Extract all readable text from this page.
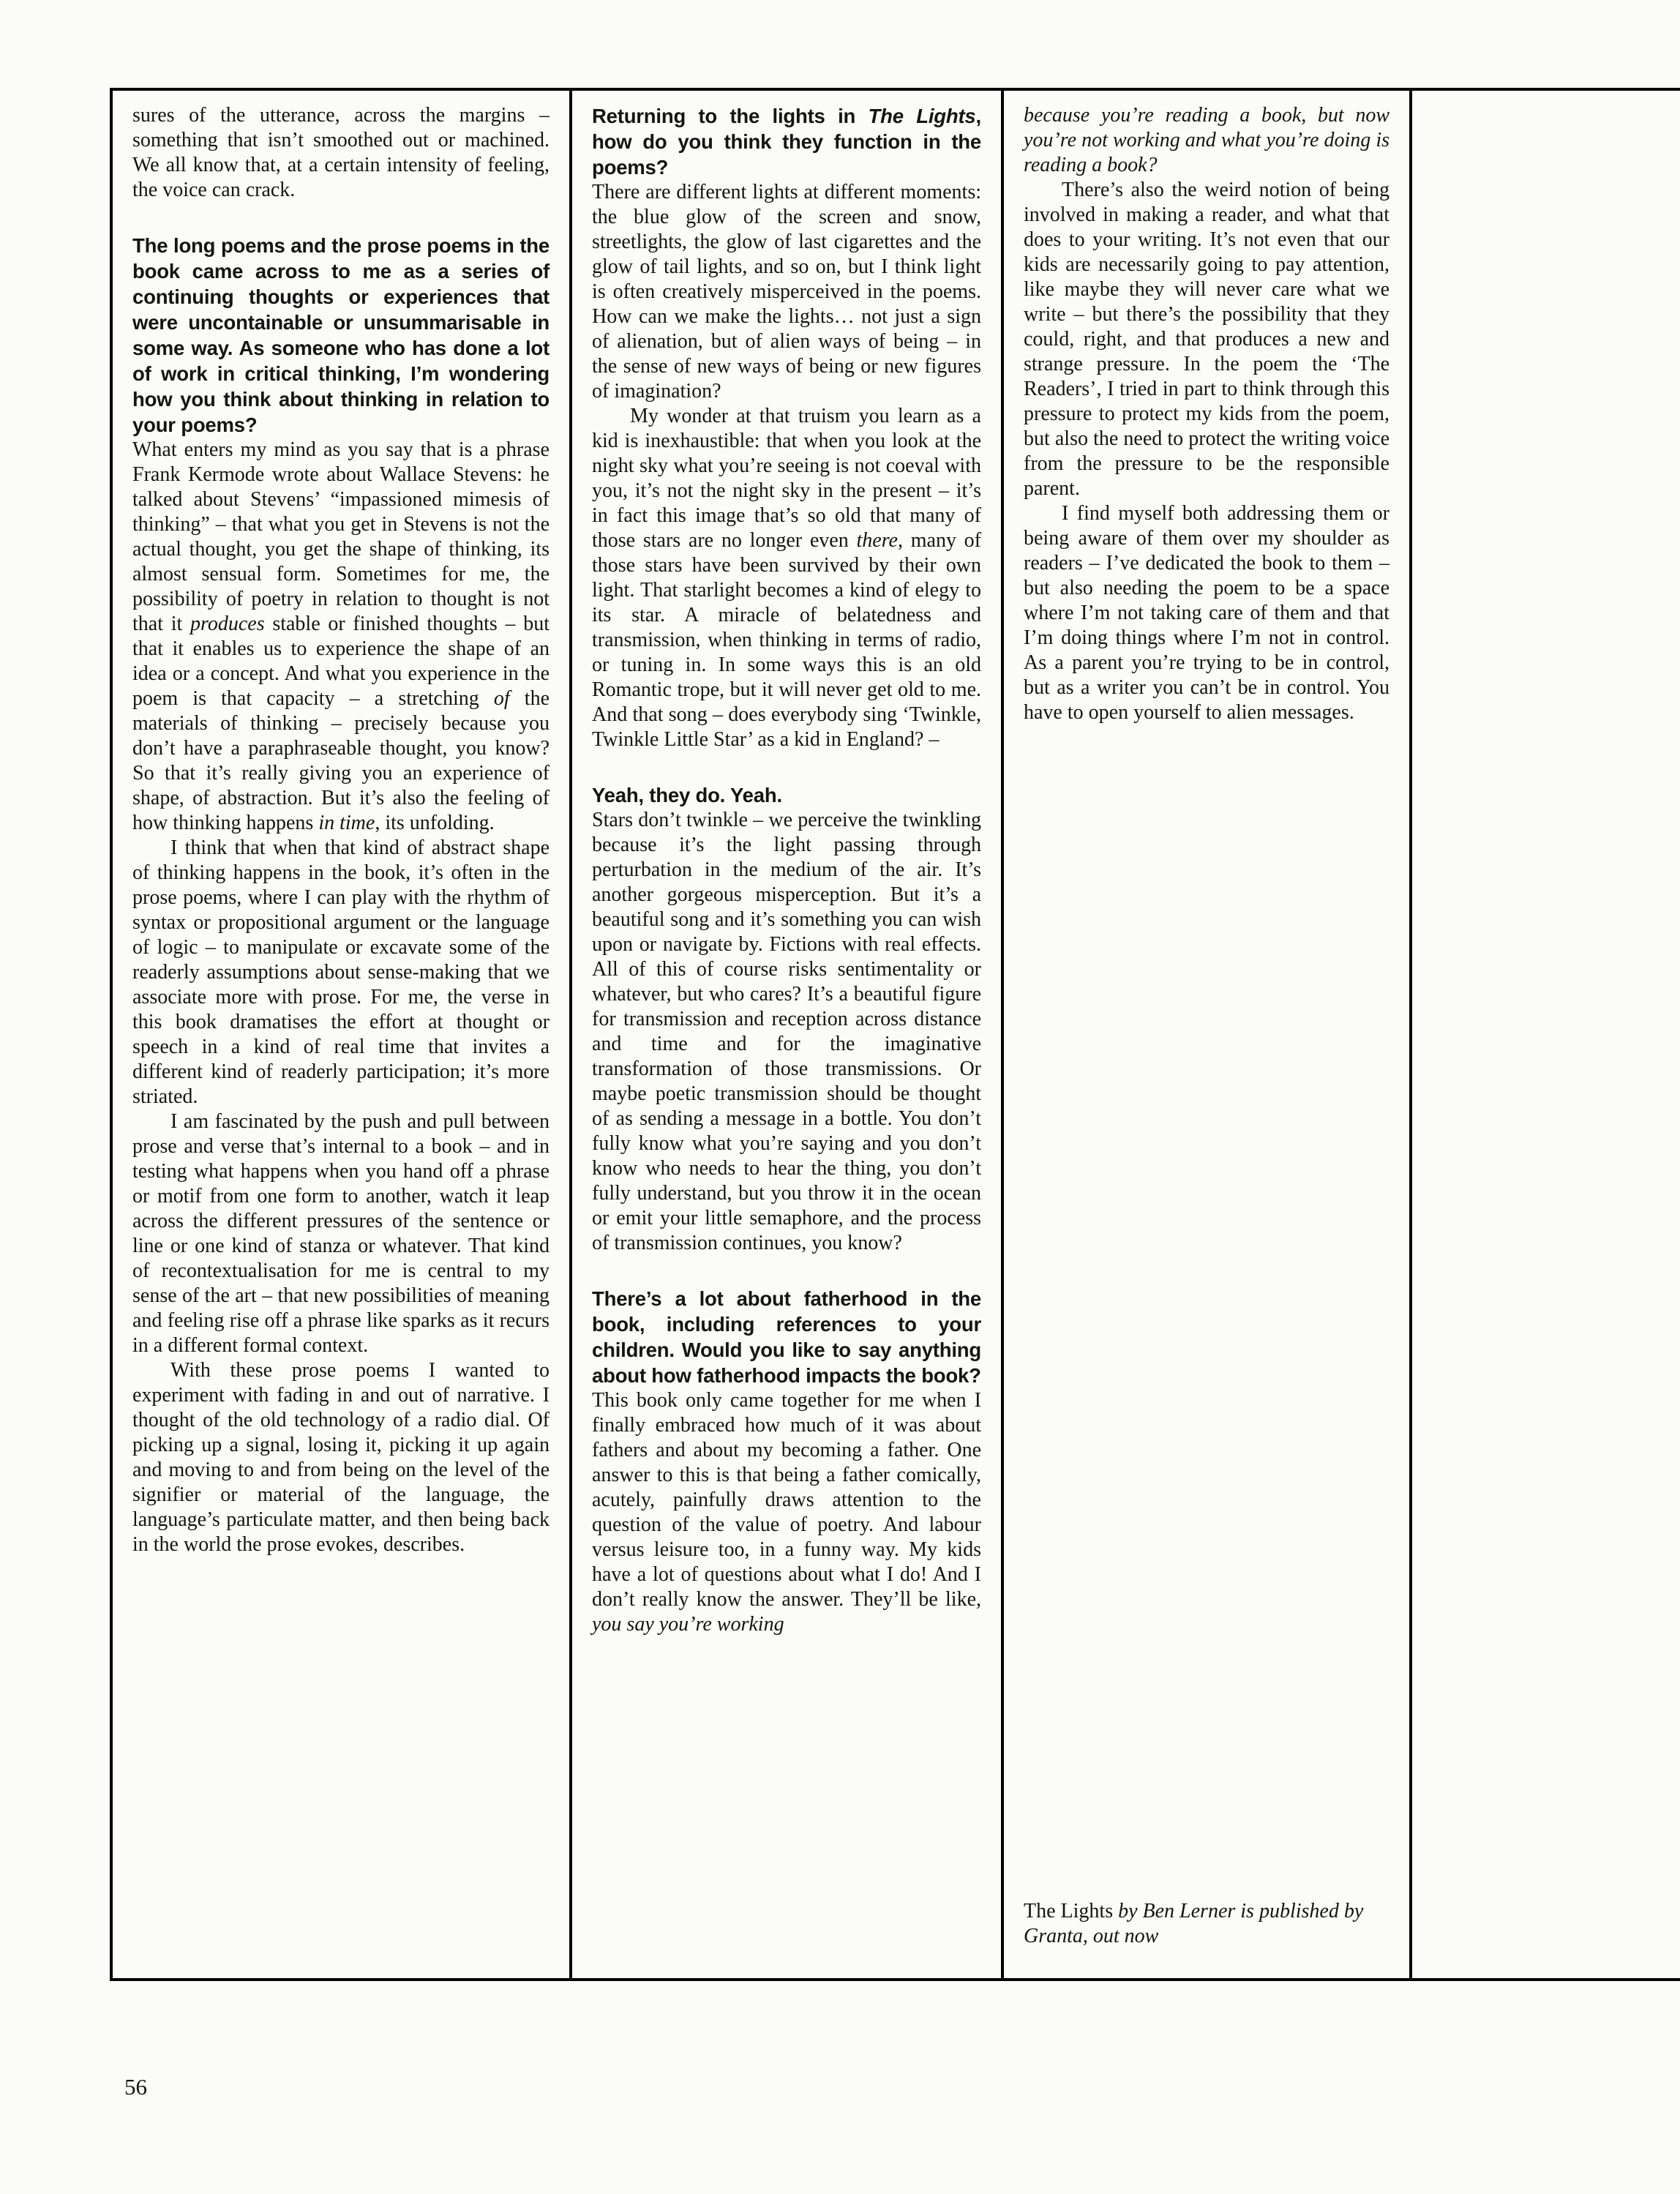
sures of the utterance, across the margins – something that isn’t smoothed out or machined. We all know that, at a certain intensity of feeling, the voice can crack.

The long poems and the prose poems in the book came across to me as a series of continuing thoughts or experiences that were uncontainable or unsummarisable in some way. As someone who has done a lot of work in critical thinking, I’m wondering how you think about thinking in relation to your poems?

What enters my mind as you say that is a phrase Frank Kermode wrote about Wallace Stevens: he talked about Stevens’ “impassioned mimesis of thinking” – that what you get in Stevens is not the actual thought, you get the shape of thinking, its almost sensual form. Sometimes for me, the possibility of poetry in relation to thought is not that it produces stable or finished thoughts – but that it enables us to experience the shape of an idea or a concept. And what you experience in the poem is that capacity – a stretching of the materials of thinking – precisely because you don’t have a paraphraseable thought, you know? So that it’s really giving you an experience of shape, of abstraction. But it’s also the feeling of how thinking happens in time, its unfolding.

I think that when that kind of abstract shape of thinking happens in the book, it’s often in the prose poems, where I can play with the rhythm of syntax or propositional argument or the language of logic – to manipulate or excavate some of the readerly assumptions about sense-making that we associate more with prose. For me, the verse in this book dramatises the effort at thought or speech in a kind of real time that invites a different kind of readerly participation; it’s more striated.

I am fascinated by the push and pull between prose and verse that’s internal to a book – and in testing what happens when you hand off a phrase or motif from one form to another, watch it leap across the different pressures of the sentence or line or one kind of stanza or whatever. That kind of recontextualisation for me is central to my sense of the art – that new possibilities of meaning and feeling rise off a phrase like sparks as it recurs in a different formal context.

With these prose poems I wanted to experiment with fading in and out of narrative. I thought of the old technology of a radio dial. Of picking up a signal, losing it, picking it up again and moving to and from being on the level of the signifier or material of the language, the language’s particulate matter, and then being back in the world the prose evokes, describes.

Returning to the lights in The Lights, how do you think they function in the poems?

There are different lights at different moments: the blue glow of the screen and snow, streetlights, the glow of last cigarettes and the glow of tail lights, and so on, but I think light is often creatively misperceived in the poems. How can we make the lights… not just a sign of alienation, but of alien ways of being – in the sense of new ways of being or new figures of imagination?

My wonder at that truism you learn as a kid is inexhaustible: that when you look at the night sky what you’re seeing is not coeval with you, it’s not the night sky in the present – it’s in fact this image that’s so old that many of those stars are no longer even there, many of those stars have been survived by their own light. That starlight becomes a kind of elegy to its star. A miracle of belatedness and transmission, when thinking in terms of radio, or tuning in. In some ways this is an old Romantic trope, but it will never get old to me. And that song – does everybody sing ‘Twinkle, Twinkle Little Star’ as a kid in England? –

Yeah, they do. Yeah.

Stars don’t twinkle – we perceive the twinkling because it’s the light passing through perturbation in the medium of the air. It’s another gorgeous misperception. But it’s a beautiful song and it’s something you can wish upon or navigate by. Fictions with real effects. All of this of course risks sentimentality or whatever, but who cares? It’s a beautiful figure for transmission and reception across distance and time and for the imaginative transformation of those transmissions. Or maybe poetic transmission should be thought of as sending a message in a bottle. You don’t fully know what you’re saying and you don’t know who needs to hear the thing, you don’t fully understand, but you throw it in the ocean or emit your little semaphore, and the process of transmission continues, you know?

There’s a lot about fatherhood in the book, including references to your children. Would you like to say anything about how fatherhood impacts the book?

This book only came together for me when I finally embraced how much of it was about fathers and about my becoming a father. One answer to this is that being a father comically, acutely, painfully draws attention to the question of the value of poetry. And labour versus leisure too, in a funny way. My kids have a lot of questions about what I do! And I don’t really know the answer. They’ll be like, you say you’re working

The Lights by Ben Lerner is published by Granta, out now

because you’re reading a book, but now you’re not working and what you’re doing is reading a book?

There’s also the weird notion of being involved in making a reader, and what that does to your writing. It’s not even that our kids are necessarily going to pay attention, like maybe they will never care what we write – but there’s the possibility that they could, right, and that produces a new and strange pressure. In the poem the ‘The Readers’, I tried in part to think through this pressure to protect my kids from the poem, but also the need to protect the writing voice from the pressure to be the responsible parent.

I find myself both addressing them or being aware of them over my shoulder as readers – I’ve dedicated the book to them – but also needing the poem to be a space where I’m not taking care of them and that I’m doing things where I’m not in control. As a parent you’re trying to be in control, but as a writer you can’t be in control. You have to open yourself to alien messages.

56
